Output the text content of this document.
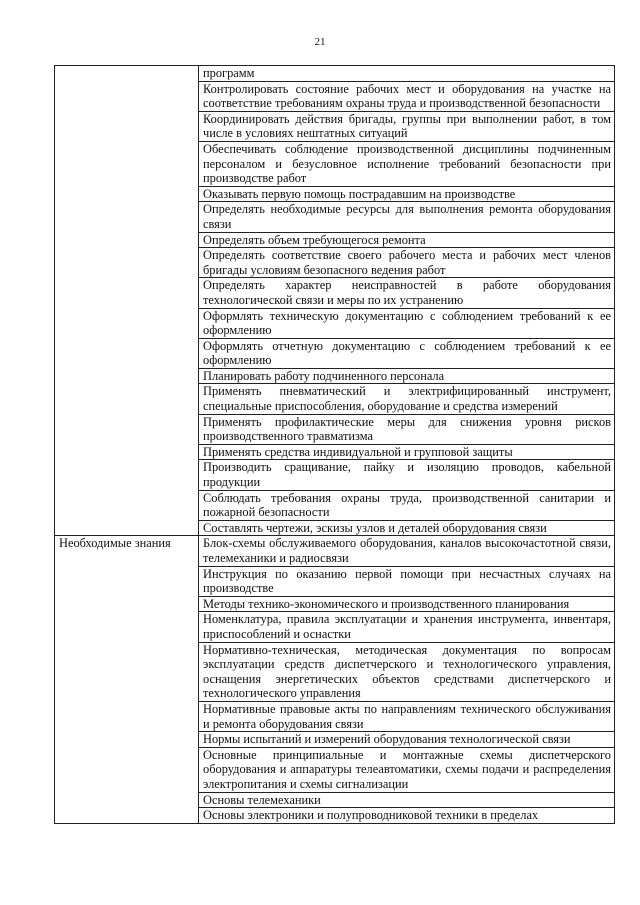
21
	программ
	Контролировать состояние рабочих мест и оборудования на участке на соответствие требованиям охраны труда и производственной безопасности
	Координировать действия бригады, группы при выполнении работ, в том числе в условиях нештатных ситуаций
	Обеспечивать соблюдение производственной дисциплины подчиненным персоналом и безусловное исполнение требований безопасности при производстве работ
	Оказывать первую помощь пострадавшим на производстве
	Определять необходимые ресурсы для выполнения ремонта оборудования связи
	Определять объем требующегося ремонта
	Определять соответствие своего рабочего места и рабочих мест членов бригады условиям безопасного ведения работ
	Определять характер неисправностей в работе оборудования технологической связи и меры по их устранению
	Оформлять техническую документацию с соблюдением требований к ее оформлению
	Оформлять отчетную документацию с соблюдением требований к ее оформлению
	Планировать работу подчиненного персонала
	Применять пневматический и электрифицированный инструмент, специальные приспособления, оборудование и средства измерений
	Применять профилактические меры для снижения уровня рисков производственного травматизма
	Применять средства индивидуальной и групповой защиты
	Производить сращивание, пайку и изоляцию проводов, кабельной продукции
	Соблюдать требования охраны труда, производственной санитарии и пожарной безопасности
	Составлять чертежи, эскизы узлов и деталей оборудования связи
Необходимые знания	Блок-схемы обслуживаемого оборудования, каналов высокочастотной связи, телемеханики и радиосвязи
	Инструкция по оказанию первой помощи при несчастных случаях на производстве
	Методы технико-экономического и производственного планирования
	Номенклатура, правила эксплуатации и хранения инструмента, инвентаря, приспособлений и оснастки
	Нормативно-техническая, методическая документация по вопросам эксплуатации средств диспетчерского и технологического управления, оснащения энергетических объектов средствами диспетчерского и технологического управления
	Нормативные правовые акты по направлениям технического обслуживания и ремонта оборудования связи
	Нормы испытаний и измерений оборудования технологической связи
	Основные принципиальные и монтажные схемы диспетчерского оборудования и аппаратуры телеавтоматики, схемы подачи и распределения электропитания и схемы сигнализации
	Основы телемеханики
	Основы электроники и полупроводниковой техники в пределах
